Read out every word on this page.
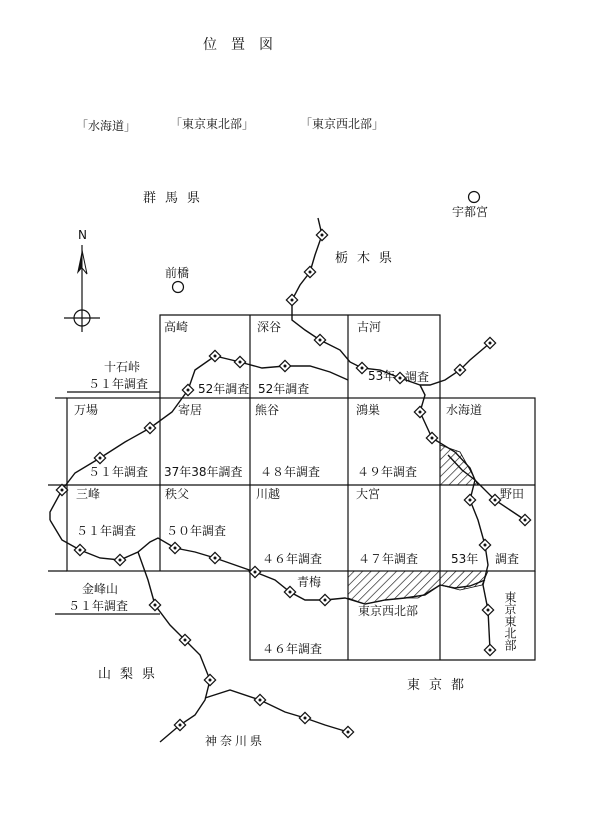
位　置　図
「水海道」	「東京東北部」	「東京西北部」
N
群馬県
栃木県
山梨県
東京都
神奈川県
宇都宮
前橋
高崎	深谷	古河
万場	寄居	熊谷	鴻巣	水海道
三峰	秩父	川越	大宮	野田
青梅
東京西北部	東京東北部
十石峠
金峰山
５１年調査	52年調査 52年調査
53年 調査
５１年調査 37年38年調査 ４８年調査	４９年調査
５１年調査 ５０年調査
４６年調査	４７年調査	53年 調査
５１年調査
４６年調査
